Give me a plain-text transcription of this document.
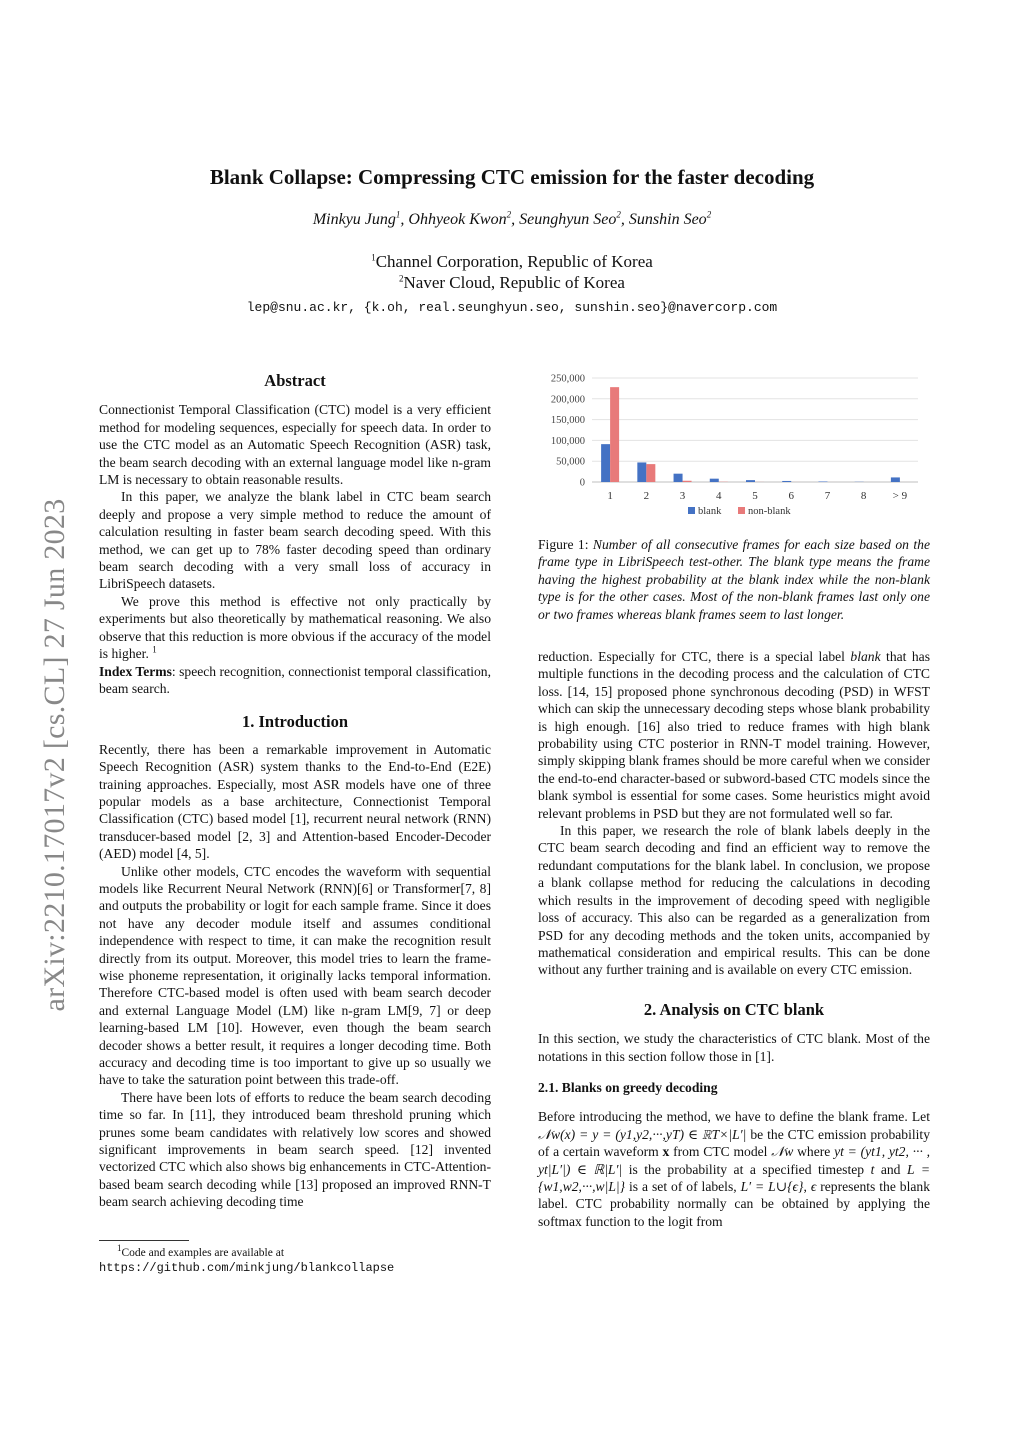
arXiv:2210.17017v2 [cs.CL] 27 Jun 2023
Blank Collapse: Compressing CTC emission for the faster decoding
Minkyu Jung$^1$, Ohhyeok Kwon$^2$, Seunghyun Seo$^2$, Sunshin Seo$^2$
$^1$Channel Corporation, Republic of Korea
$^2$Naver Cloud, Republic of Korea
lep@snu.ac.kr, {k.oh, real.seunghyun.seo, sunshin.seo}@navercorp.com
Abstract

Connectionist Temporal Classification (CTC) model is a very efficient method for modeling sequences, especially for speech data. In order to use the CTC model as an Automatic Speech Recognition (ASR) task, the beam search decoding with an external language model like n-gram LM is necessary to obtain reasonable results.

In this paper, we analyze the blank label in CTC beam search deeply and propose a very simple method to reduce the amount of calculation resulting in faster beam search decoding speed. With this method, we can get up to 78% faster decoding speed than ordinary beam search decoding with a very small loss of accuracy in LibriSpeech datasets.

We prove this method is effective not only practically by experiments but also theoretically by mathematical reasoning. We also observe that this reduction is more obvious if the accuracy of the model is higher. $^1$

Index Terms: speech recognition, connectionist temporal classification, beam search.

1. Introduction

Recently, there has been a remarkable improvement in Automatic Speech Recognition (ASR) system thanks to the End-to-End (E2E) training approaches. Especially, most ASR models have one of three popular models as a base architecture, Connectionist Temporal Classification (CTC) based model [1], recurrent neural network (RNN) transducer-based model [2, 3] and Attention-based Encoder-Decoder (AED) model [4, 5].

Unlike other models, CTC encodes the waveform with sequential models like Recurrent Neural Network (RNN)[6] or Transformer[7, 8] and outputs the probability or logit for each sample frame. Since it does not have any decoder module itself and assumes conditional independence with respect to time, it can make the recognition result directly from its output. Moreover, this model tries to learn the frame-wise phoneme representation, it originally lacks temporal information. Therefore CTC-based model is often used with beam search decoder and external Language Model (LM) like n-gram LM[9, 7] or deep learning-based LM [10]. However, even though the beam search decoder shows a better result, it requires a longer decoding time. Both accuracy and decoding time is too important to give up so usually we have to take the saturation point between this trade-off.

There have been lots of efforts to reduce the beam search decoding time so far. In [11], they introduced beam threshold pruning which prunes some beam candidates with relatively low scores and showed significant improvements in beam search speed. [12] invented vectorized CTC which also shows big enhancements in CTC-Attention-based beam search decoding while [13] proposed an improved RNN-T beam search achieving decoding time

$^1$Code and examples are available at
https://github.com/minkjung/blankcollapse
250,000
200,000
150,000
100,000
50,000
0
1	2	3	4	5	6	7	8 > 9
blank	non-blank
Figure 1: Number of all consecutive frames for each size based on the frame type in LibriSpeech test-other. The blank type means the frame having the highest probability at the blank index while the non-blank type is for the other cases. Most of the non-blank frames last only one or two frames whereas blank frames seem to last longer.

reduction. Especially for CTC, there is a special label blank that has multiple functions in the decoding process and the calculation of CTC loss. [14, 15] proposed phone synchronous decoding (PSD) in WFST which can skip the unnecessary decoding steps whose blank probability is high enough. [16] also tried to reduce frames with high blank probability using CTC posterior in RNN-T model training. However, simply skipping blank frames should be more careful when we consider the end-to-end character-based or subword-based CTC models since the blank symbol is essential for some cases. Some heuristics might avoid relevant problems in PSD but they are not formulated well so far.

In this paper, we research the role of blank labels deeply in the CTC beam search decoding and find an efficient way to remove the redundant computations for the blank label. In conclusion, we propose a blank collapse method for reducing the calculations in decoding which results in the improvement of decoding speed with negligible loss of accuracy. This also can be regarded as a generalization from PSD for any decoding methods and the token units, accompanied by mathematical consideration and empirical results. This can be done without any further training and is available on every CTC emission.

2. Analysis on CTC blank

In this section, we study the characteristics of CTC blank. Most of the notations in this section follow those in [1].

2.1. Blanks on greedy decoding

Before introducing the method, we have to define the blank frame. Let 𝒩w(x) = y = (y1,y2,···,yT) ∈ ℝT×|L′| be the CTC emission probability of a certain waveform x from CTC model 𝒩w where yt = (yt1, yt2, ··· , yt|L′|) ∈ ℝ|L′| is the probability at a specified timestep t and L = {w1,w2,···,w|L|} is a set of of labels, L′ = L∪{ϵ}, ϵ represents the blank label. CTC probability normally can be obtained by applying the softmax function to the logit from
